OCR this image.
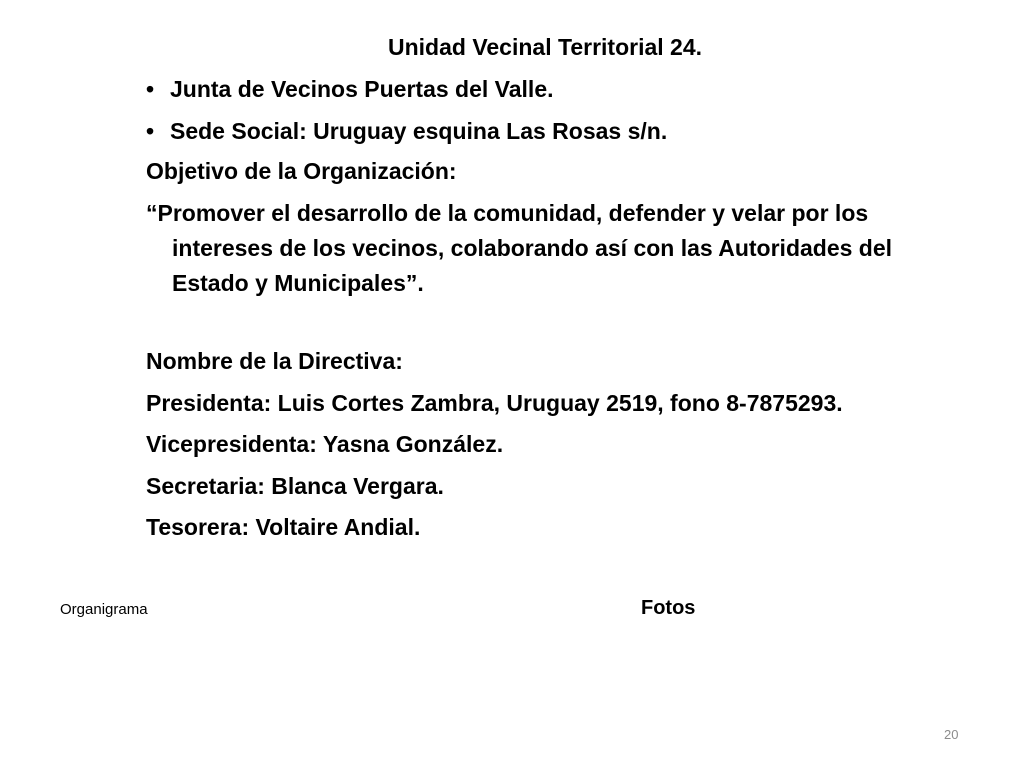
Unidad Vecinal Territorial 24.
• Junta de Vecinos Puertas del Valle.
• Sede Social: Uruguay esquina Las Rosas s/n.
Objetivo de la Organización:
“Promover el desarrollo de la comunidad, defender y velar por los intereses de los vecinos, colaborando así con las Autoridades del Estado y Municipales”.
Nombre de la Directiva:
Presidenta: Luis Cortes Zambra, Uruguay 2519, fono 8-7875293.
Vicepresidenta: Yasna González.
Secretaria: Blanca Vergara.
Tesorera: Voltaire Andial.
Organigrama	Fotos
20
